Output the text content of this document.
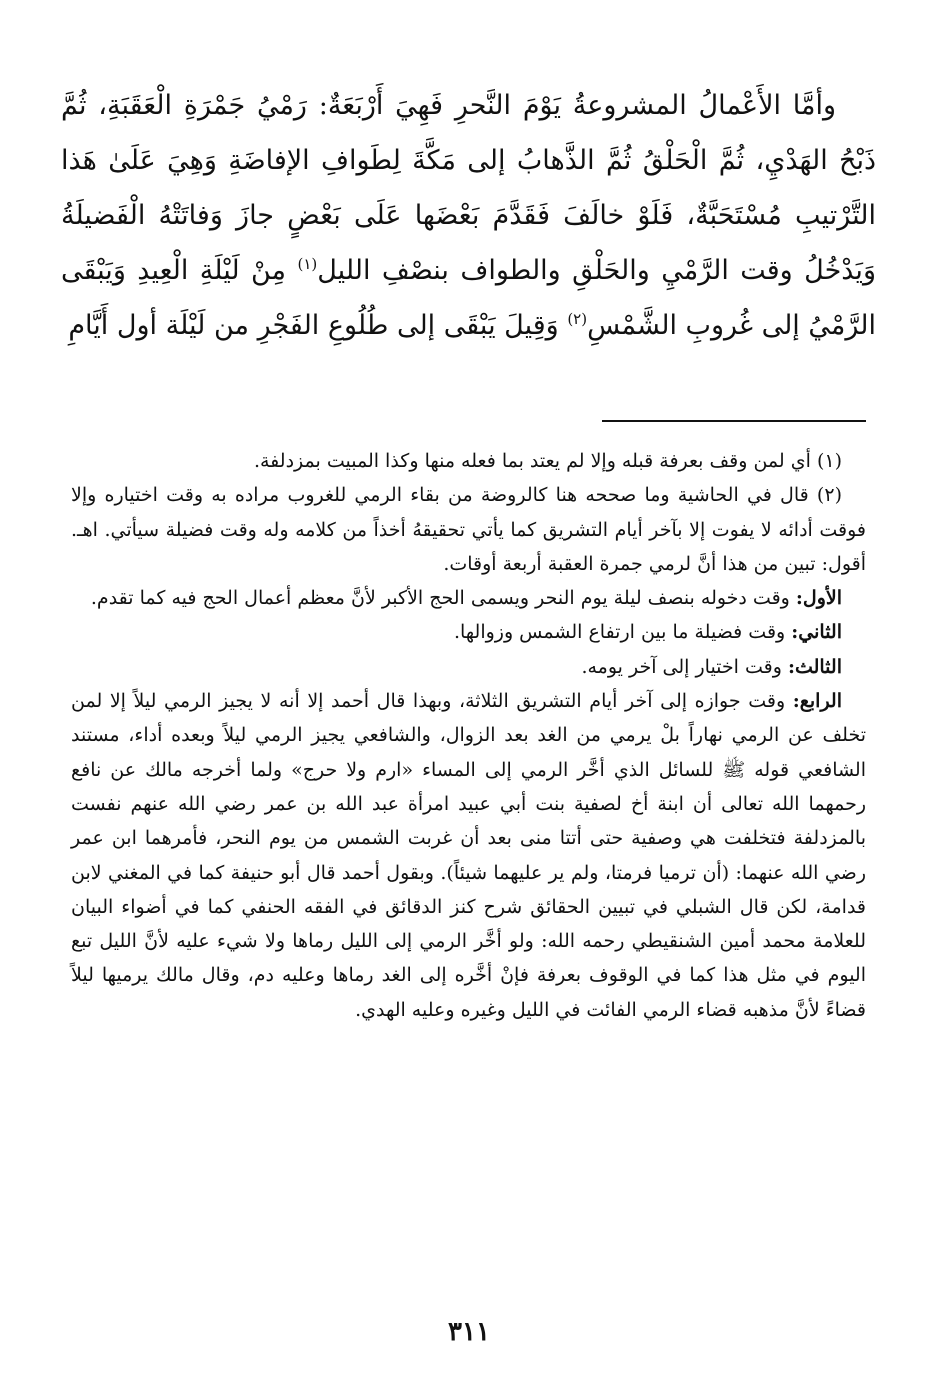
وأمَّا الأَعْمالُ المشروعةُ يَوْمَ النَّحرِ فَهِيَ أَرْبَعَةٌ: رَمْيُ جَمْرَةِ الْعَقَبَةِ، ثُمَّ ذَبْحُ الهَدْيِ، ثُمَّ الْحَلْقُ ثُمَّ الذَّهابُ إلى مَكَّةَ لِطَوافِ الإفاضَةِ وَهِيَ عَلَىٰ هَذا التَّرْتيبِ مُسْتَحَبَّةٌ، فَلَوْ خالَفَ فَقَدَّمَ بَعْضَها عَلَى بَعْضٍ جازَ وَفاتَتْهُ الْفَضيلَةُ وَيَدْخُلُ وقت الرَّمْيِ والحَلْقِ والطواف بنصْفِ الليل$^{(١)}$ مِنْ لَيْلَةِ الْعِيدِ وَيَبْقَى الرَّمْيُ إلى غُروبِ الشَّمْسِ$^{(٢)}$ وَقِيلَ يَبْقَى إلى طُلُوعِ الفَجْرِ من لَيْلَة أول أَيَّامِ

(١) أي لمن وقف بعرفة قبله وإلا لم يعتد بما فعله منها وكذا المبيت بمزدلفة.

(٢) قال في الحاشية وما صححه هنا كالروضة من بقاء الرمي للغروب مراده به وقت اختياره وإلا فوقت أدائه لا يفوت إلا بآخر أيام التشريق كما يأتي تحقيقهُ أخذاً من كلامه وله وقت فضيلة سيأتي. اهـ. أقول: تبين من هذا أنَّ لرمي جمرة العقبة أربعة أوقات.

الأول: وقت دخوله بنصف ليلة يوم النحر ويسمى الحج الأكبر لأنَّ معظم أعمال الحج فيه كما تقدم.

الثاني: وقت فضيلة ما بين ارتفاع الشمس وزوالها.

الثالث: وقت اختيار إلى آخر يومه.

الرابع: وقت جوازه إلى آخر أيام التشريق الثلاثة، وبهذا قال أحمد إلا أنه لا يجيز الرمي ليلاً إلا لمن تخلف عن الرمي نهاراً بلْ يرمي من الغد بعد الزوال، والشافعي يجيز الرمي ليلاً وبعده أداء، مستند الشافعي قوله ﷺ للسائل الذي أخَّر الرمي إلى المساء «ارم ولا حرج» ولما أخرجه مالك عن نافع رحمهما الله تعالى أن ابنة أخ لصفية بنت أبي عبيد امرأة عبد الله بن عمر رضي الله عنهم نفست بالمزدلفة فتخلفت هي وصفية حتى أتتا منى بعد أن غربت الشمس من يوم النحر، فأمرهما ابن عمر رضي الله عنهما: (أن ترميا فرمتا، ولم ير عليهما شيئاً). وبقول أحمد قال أبو حنيفة كما في المغني لابن قدامة، لكن قال الشبلي في تبيين الحقائق شرح كنز الدقائق في الفقه الحنفي كما في أضواء البيان للعلامة محمد أمين الشنقيطي رحمه الله: ولو أخَّر الرمي إلى الليل رماها ولا شيء عليه لأنَّ الليل تبع اليوم في مثل هذا كما في الوقوف بعرفة فإنْ أخَّره إلى الغد رماها وعليه دم، وقال مالك يرميها ليلاً قضاءً لأنَّ مذهبه قضاء الرمي الفائت في الليل وغيره وعليه الهدي.

٣١١
